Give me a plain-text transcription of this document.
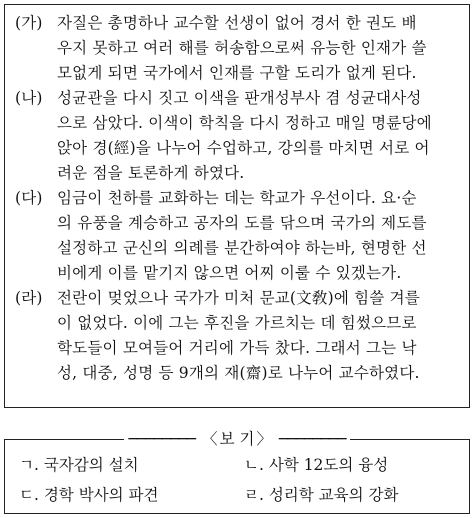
(가) 자질은 총명하나 교수할 선생이 없어 경서 한 권도 배
우지 못하고 여러 해를 허송함으로써 유능한 인재가 쓸
모없게 되면 국가에서 인재를 구할 도리가 없게 된다.
(나) 성균관을 다시 짓고 이색을 판개성부사 겸 성균대사성
으로 삼았다. 이색이 학칙을 다시 정하고 매일 명륜당에
앉아 경(經)을 나누어 수업하고, 강의를 마치면 서로 어
려운 점을 토론하게 하였다.
(다) 임금이 천하를 교화하는 데는 학교가 우선이다. 요·순
의 유풍을 계승하고 공자의 도를 닦으며 국가의 제도를
설정하고 군신의 의례를 분간하여야 하는바, 현명한 선
비에게 이를 맡기지 않으면 어찌 이룰 수 있겠는가.
(라) 전란이 멎었으나 국가가 미처 문교(文敎)에 힘쓸 겨를
이 없었다. 이에 그는 후진을 가르치는 데 힘썼으므로
학도들이 모여들어 거리에 가득 찼다. 그래서 그는 낙
성, 대중, 성명 등 9개의 재(齋)로 나누어 교수하였다.
──────── 〈 보 기 〉 ────────
ㄱ. 국자감의 설치	ㄴ. 사학 12도의 융성
ㄷ. 경학 박사의 파견	ㄹ. 성리학 교육의 강화
